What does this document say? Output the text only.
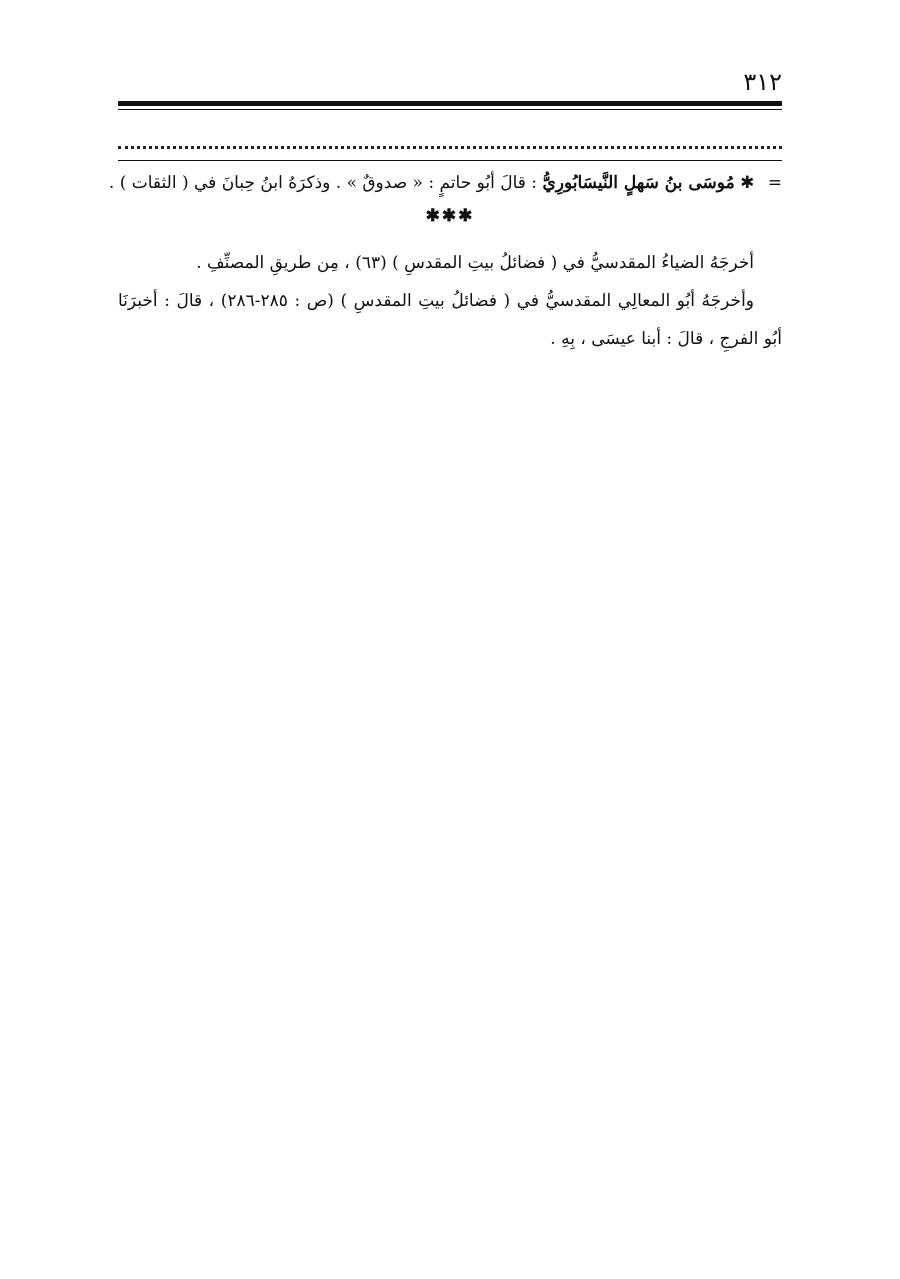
٣١٢
= ✱ مُوسَى بنُ سَهلٍ النَّيسَابُورِيُّ : قالَ أبُو حاتمٍ : « صدوقٌ » . وذكرَهُ ابنُ حِبانَ في ( الثقات ) .
✱✱✱

أخرجَهُ الضياءُ المقدسيُّ في ( فضائلُ بيتِ المقدسِ ) (٦٣) ، مِن طريقِ المصنِّفِ .

وأخرجَهُ أبُو المعالِي المقدسيُّ في ( فضائلُ بيتِ المقدسِ ) (ص : ٢٨٥-٢٨٦) ، قالَ : أخبرَنَا أبُو الفرجِ ، قالَ : أبنا عيسَى ، بِهِ .
